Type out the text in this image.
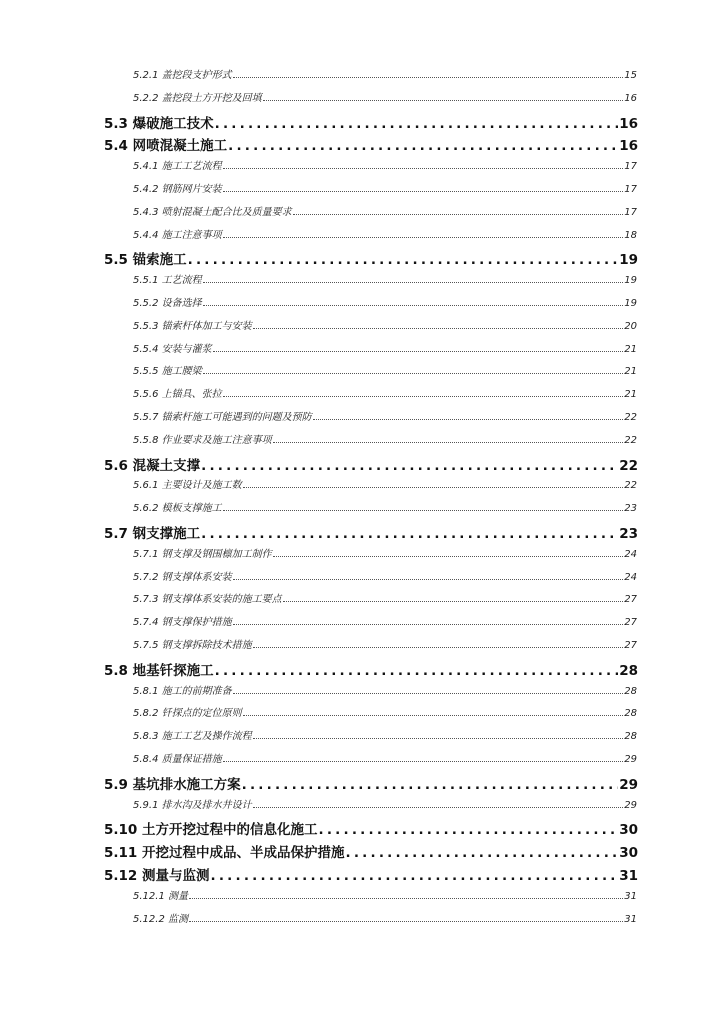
5.2.1 盖挖段支护形式	15
5.2.2 盖挖段土方开挖及回填	16
5.3 爆破施工技术 .....	16
5.4 网喷混凝土施工 .....	16
5.4.1 施工工艺流程	17
5.4.2 钢筋网片安装	17
5.4.3 喷射混凝土配合比及质量要求	17
5.4.4 施工注意事项	18
5.5 锚索施工 .....	19
5.5.1 工艺流程	19
5.5.2 设备选择	19
5.5.3 锚索杆体加工与安装	20
5.5.4 安装与灌浆	21
5.5.5 施工腰梁	21
5.5.6 上锚具、张拉	21
5.5.7 锚索杆施工可能遇到的问题及预防	22
5.5.8 作业要求及施工注意事项	22
5.6 混凝土支撑 .....	22
5.6.1 主要设计及施工数	22
5.6.2 模板支撑施工	23
5.7 钢支撑施工 .....	23
5.7.1 钢支撑及钢围檩加工制作	24
5.7.2 钢支撑体系安装	24
5.7.3 钢支撑体系安装的施工要点	27
5.7.4 钢支撑保护措施	27
5.7.5 钢支撑拆除技术措施	27
5.8 地基钎探施工 .....	28
5.8.1 施工的前期准备	28
5.8.2 钎探点的定位原则	28
5.8.3 施工工艺及操作流程	28
5.8.4 质量保证措施	29
5.9 基坑排水施工方案 .....	29
5.9.1 排水沟及排水井设计	29
5.10 土方开挖过程中的信息化施工 .....	30
5.11 开挖过程中成品、半成品保护措施 .....	30
5.12 测量与监测 .....	31
5.12.1 测量	31
5.12.2 监测	31
